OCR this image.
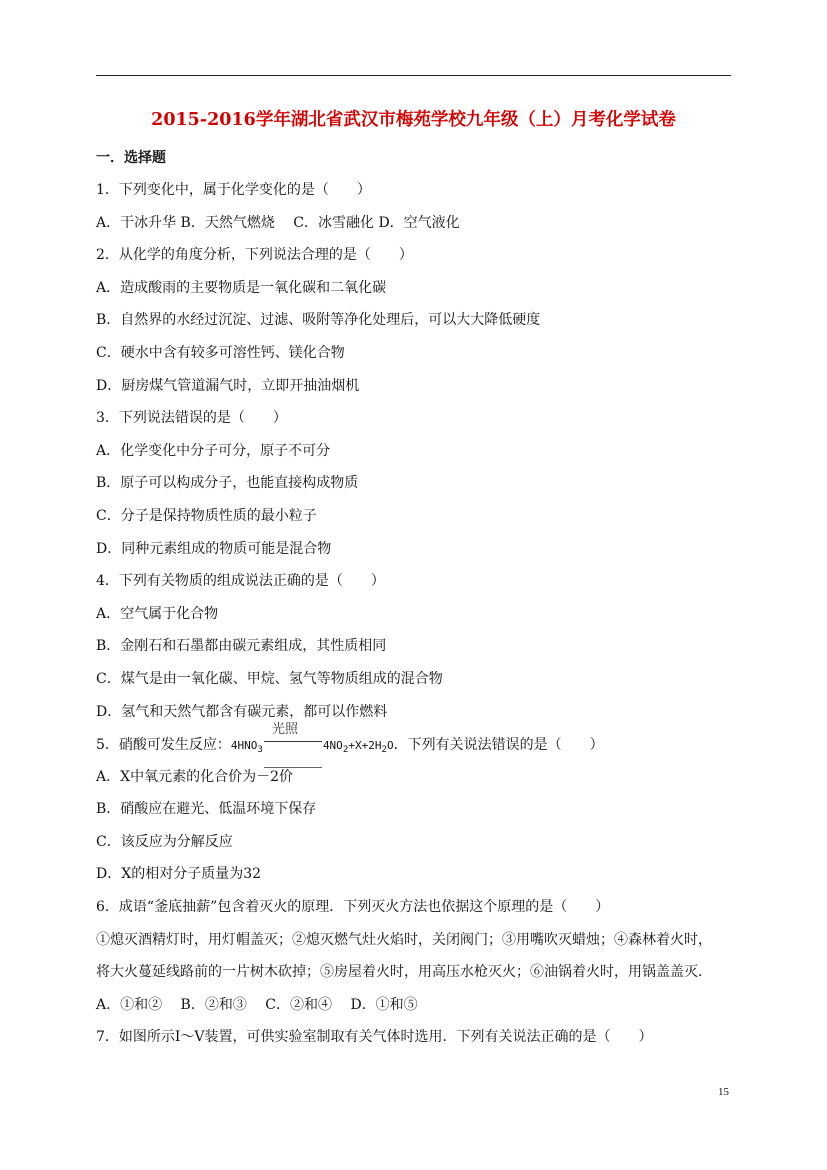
2015-2016学年湖北省武汉市梅苑学校九年级（上）月考化学试卷
一．选择题
1．下列变化中，属于化学变化的是（　　）
A．干冰升华 B．天然气燃烧　 C．冰雪融化 D．空气液化
2．从化学的角度分析，下列说法合理的是（　　）
A．造成酸雨的主要物质是一氧化碳和二氧化碳
B．自然界的水经过沉淀、过滤、吸附等净化处理后，可以大大降低硬度
C．硬水中含有较多可溶性钙、镁化合物
D．厨房煤气管道漏气时，立即开抽油烟机
3．下列说法错误的是（　　）
A．化学变化中分子可分，原子不可分
B．原子可以构成分子，也能直接构成物质
C．分子是保持物质性质的最小粒子
D．同种元素组成的物质可能是混合物
4．下列有关物质的组成说法正确的是（　　）
A．空气属于化合物
B．金刚石和石墨都由碳元素组成，其性质相同
C．煤气是由一氧化碳、甲烷、氢气等物质组成的混合物
D．氢气和天然气都含有碳元素，都可以作燃料
5．硝酸可发生反应：$4HNO_3$
光照
$4NO_2+X+2H_2O$．下列有关说法错误的是（　　）
A．X中氧元素的化合价为－2价
B．硝酸应在避光、低温环境下保存
C．该反应为分解反应
D．X的相对分子质量为32
6．成语“釜底抽薪”包含着灭火的原理．下列灭火方法也依据这个原理的是（　　）
①熄灭酒精灯时，用灯帽盖灭；②熄灭燃气灶火焰时，关闭阀门；③用嘴吹灭蜡烛；④森林着火时，
将大火蔓延线路前的一片树木砍掉；⑤房屋着火时，用高压水枪灭火；⑥油锅着火时，用锅盖盖灭．
A．①和②　 B．②和③　 C．②和④　 D．①和⑤
7．如图所示Ⅰ～Ⅴ装置，可供实验室制取有关气体时选用．下列有关说法正确的是（　　）
15
